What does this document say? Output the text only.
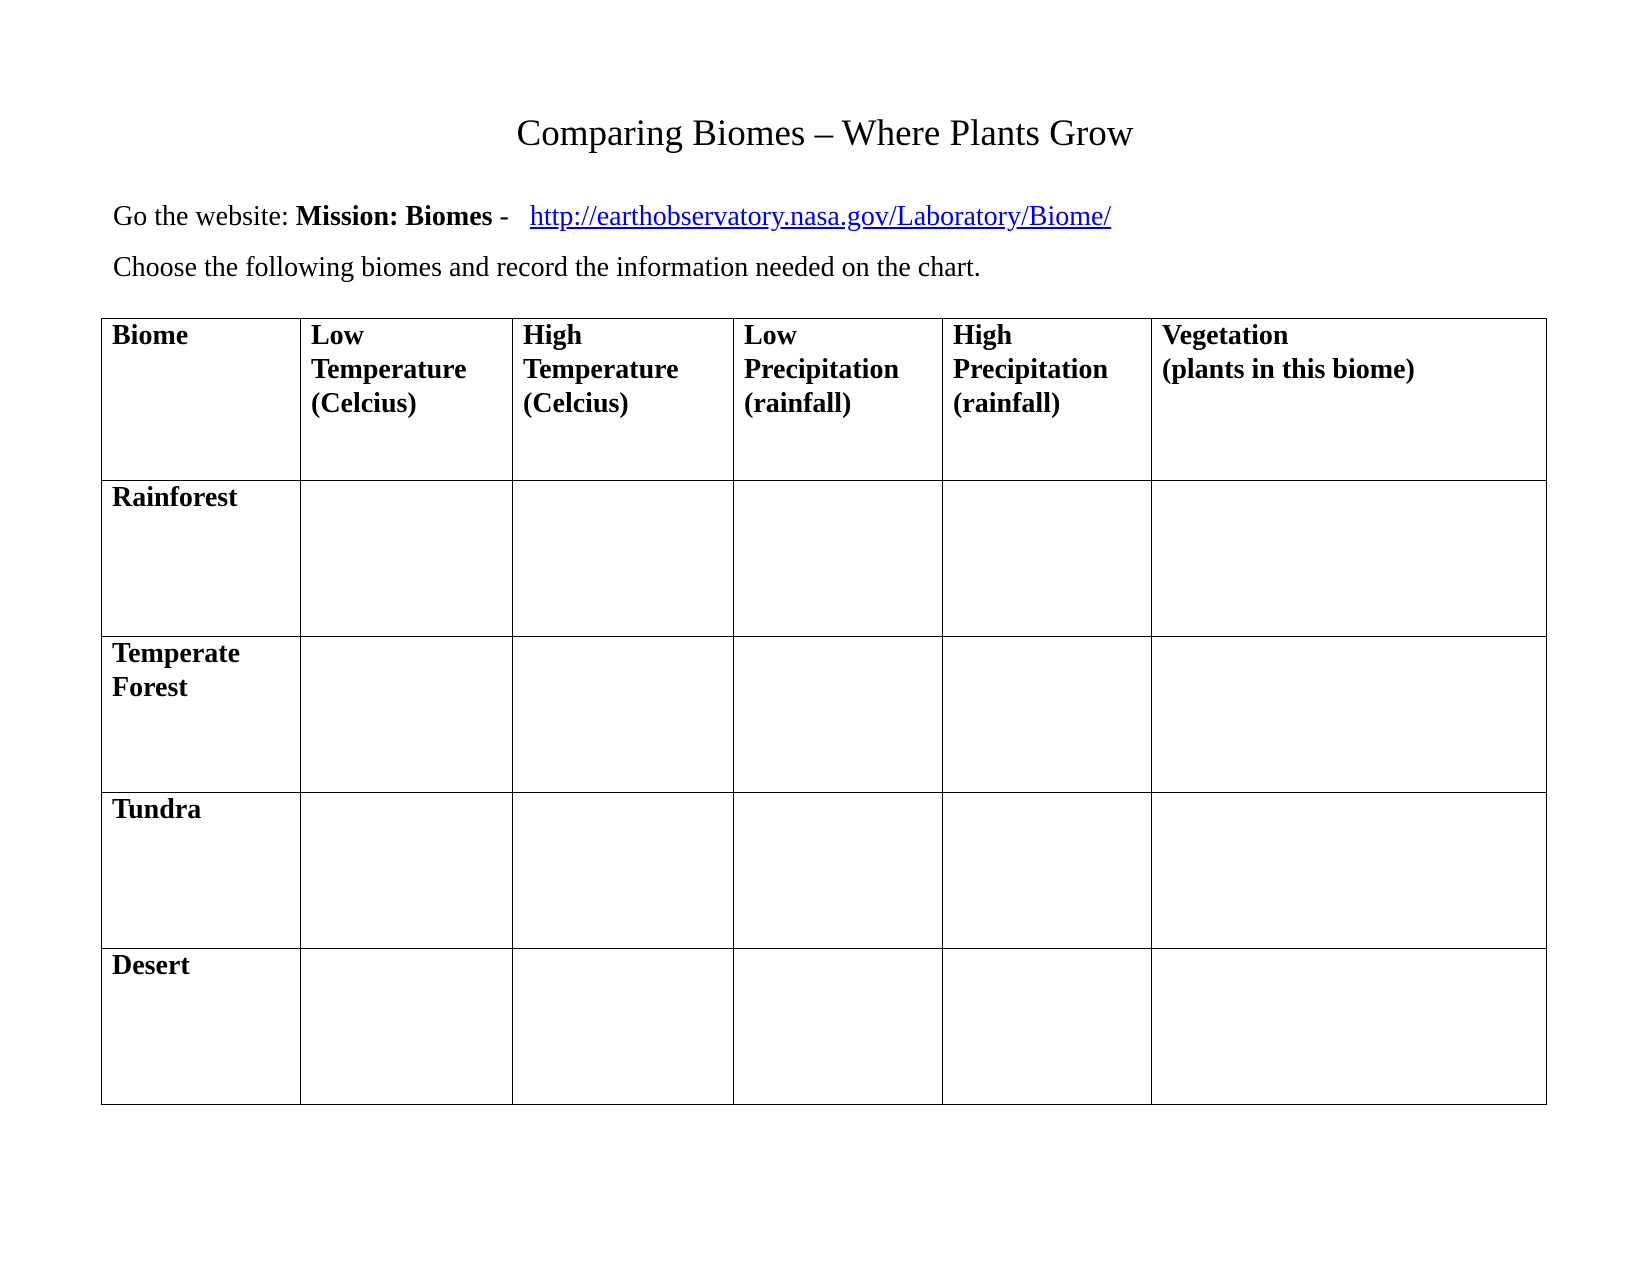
Comparing Biomes – Where Plants Grow
Go the website: Mission: Biomes - http://earthobservatory.nasa.gov/Laboratory/Biome/
Choose the following biomes and record the information needed on the chart.
Biome	Low
Temperature
(Celcius)	High
Temperature
(Celcius)	Low
Precipitation
(rainfall)	High
Precipitation
(rainfall)	Vegetation
(plants in this biome)

Rainforest					

Temperate
Forest					

Tundra					

Desert					
